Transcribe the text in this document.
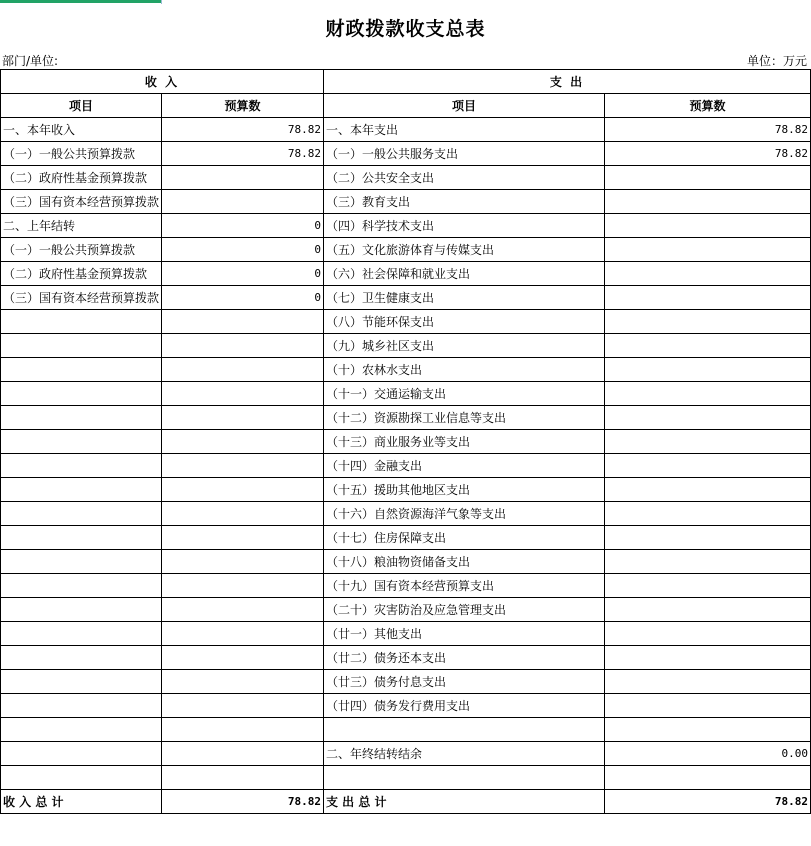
财政拨款收支总表
部门/单位:	单位：万元
收 入		支 出	
项目	预算数	项目	预算数
一、本年收入	78.82	一、本年支出	78.82
（一）一般公共预算拨款	78.82	（一）一般公共服务支出	78.82
（二）政府性基金预算拨款		（二）公共安全支出	
（三）国有资本经营预算拨款		（三）教育支出	
二、上年结转	0	（四）科学技术支出	
（一）一般公共预算拨款	0	（五）文化旅游体育与传媒支出	
（二）政府性基金预算拨款	0	（六）社会保障和就业支出	
（三）国有资本经营预算拨款	0	（七）卫生健康支出	
		（八）节能环保支出	
		（九）城乡社区支出	
		（十）农林水支出	
		（十一）交通运输支出	
		（十二）资源勘探工业信息等支出	
		（十三）商业服务业等支出	
		（十四）金融支出	
		（十五）援助其他地区支出	
		（十六）自然资源海洋气象等支出	
		（十七）住房保障支出	
		（十八）粮油物资储备支出	
		（十九）国有资本经营预算支出	
		（二十）灾害防治及应急管理支出	
		（廿一）其他支出	
		（廿二）债务还本支出	
		（廿三）债务付息支出	
		（廿四）债务发行费用支出	

		二、年终结转结余	0.00

收 入 总 计	78.82	支 出 总 计	78.82
